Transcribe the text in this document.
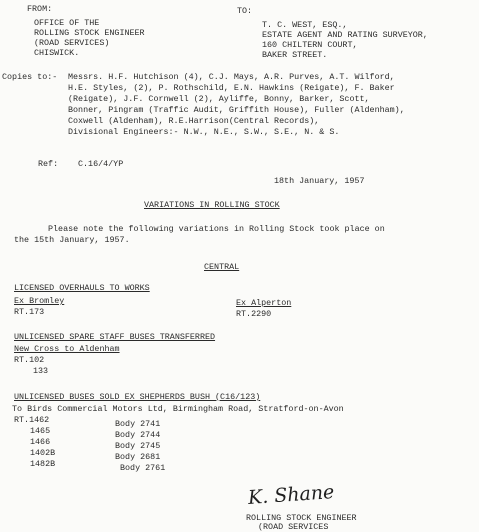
FROM:
OFFICE OF THE
ROLLING STOCK ENGINEER
(ROAD SERVICES)
CHISWICK.
TO:
T. C. WEST, ESQ.,
ESTATE AGENT AND RATING SURVEYOR,
160 CHILTERN COURT,
BAKER STREET.
Copies to:- Messrs. H.F. Hutchison (4), C.J. Mays, A.R. Purves, A.T. Wilford,
H.E. Styles, (2), P. Rothschild, E.N. Hawkins (Reigate), F. Baker
(Reigate), J.F. Cornwell (2), Ayliffe, Bonny, Barker, Scott,
Bonner, Pingram (Traffic Audit, Griffith House), Fuller (Aldenham),
Coxwell (Aldenham), R.E.Harrison(Central Records),
Divisional Engineers:- N.W., N.E., S.W., S.E., N. & S.
Ref: C.16/4/YP
18th January, 1957
VARIATIONS IN ROLLING STOCK
Please note the following variations in Rolling Stock took place on
the 15th January, 1957.
CENTRAL
LICENSED OVERHAULS TO WORKS
Ex Bromley
RT.173
Ex Alperton
RT.2290
UNLICENSED SPARE STAFF BUSES TRANSFERRED
New Cross to Aldenham
RT.102
133
UNLICENSED BUSES SOLD EX SHEPHERDS BUSH (C16/123)
To Birds Commercial Motors Ltd, Birmingham Road, Stratford-on-Avon
RT.1462	Body 2741
1465	Body 2744
1466	Body 2745
1402B	Body 2681
1482B	Body 2761
K. Shane
ROLLING STOCK ENGINEER
(ROAD SERVICES
